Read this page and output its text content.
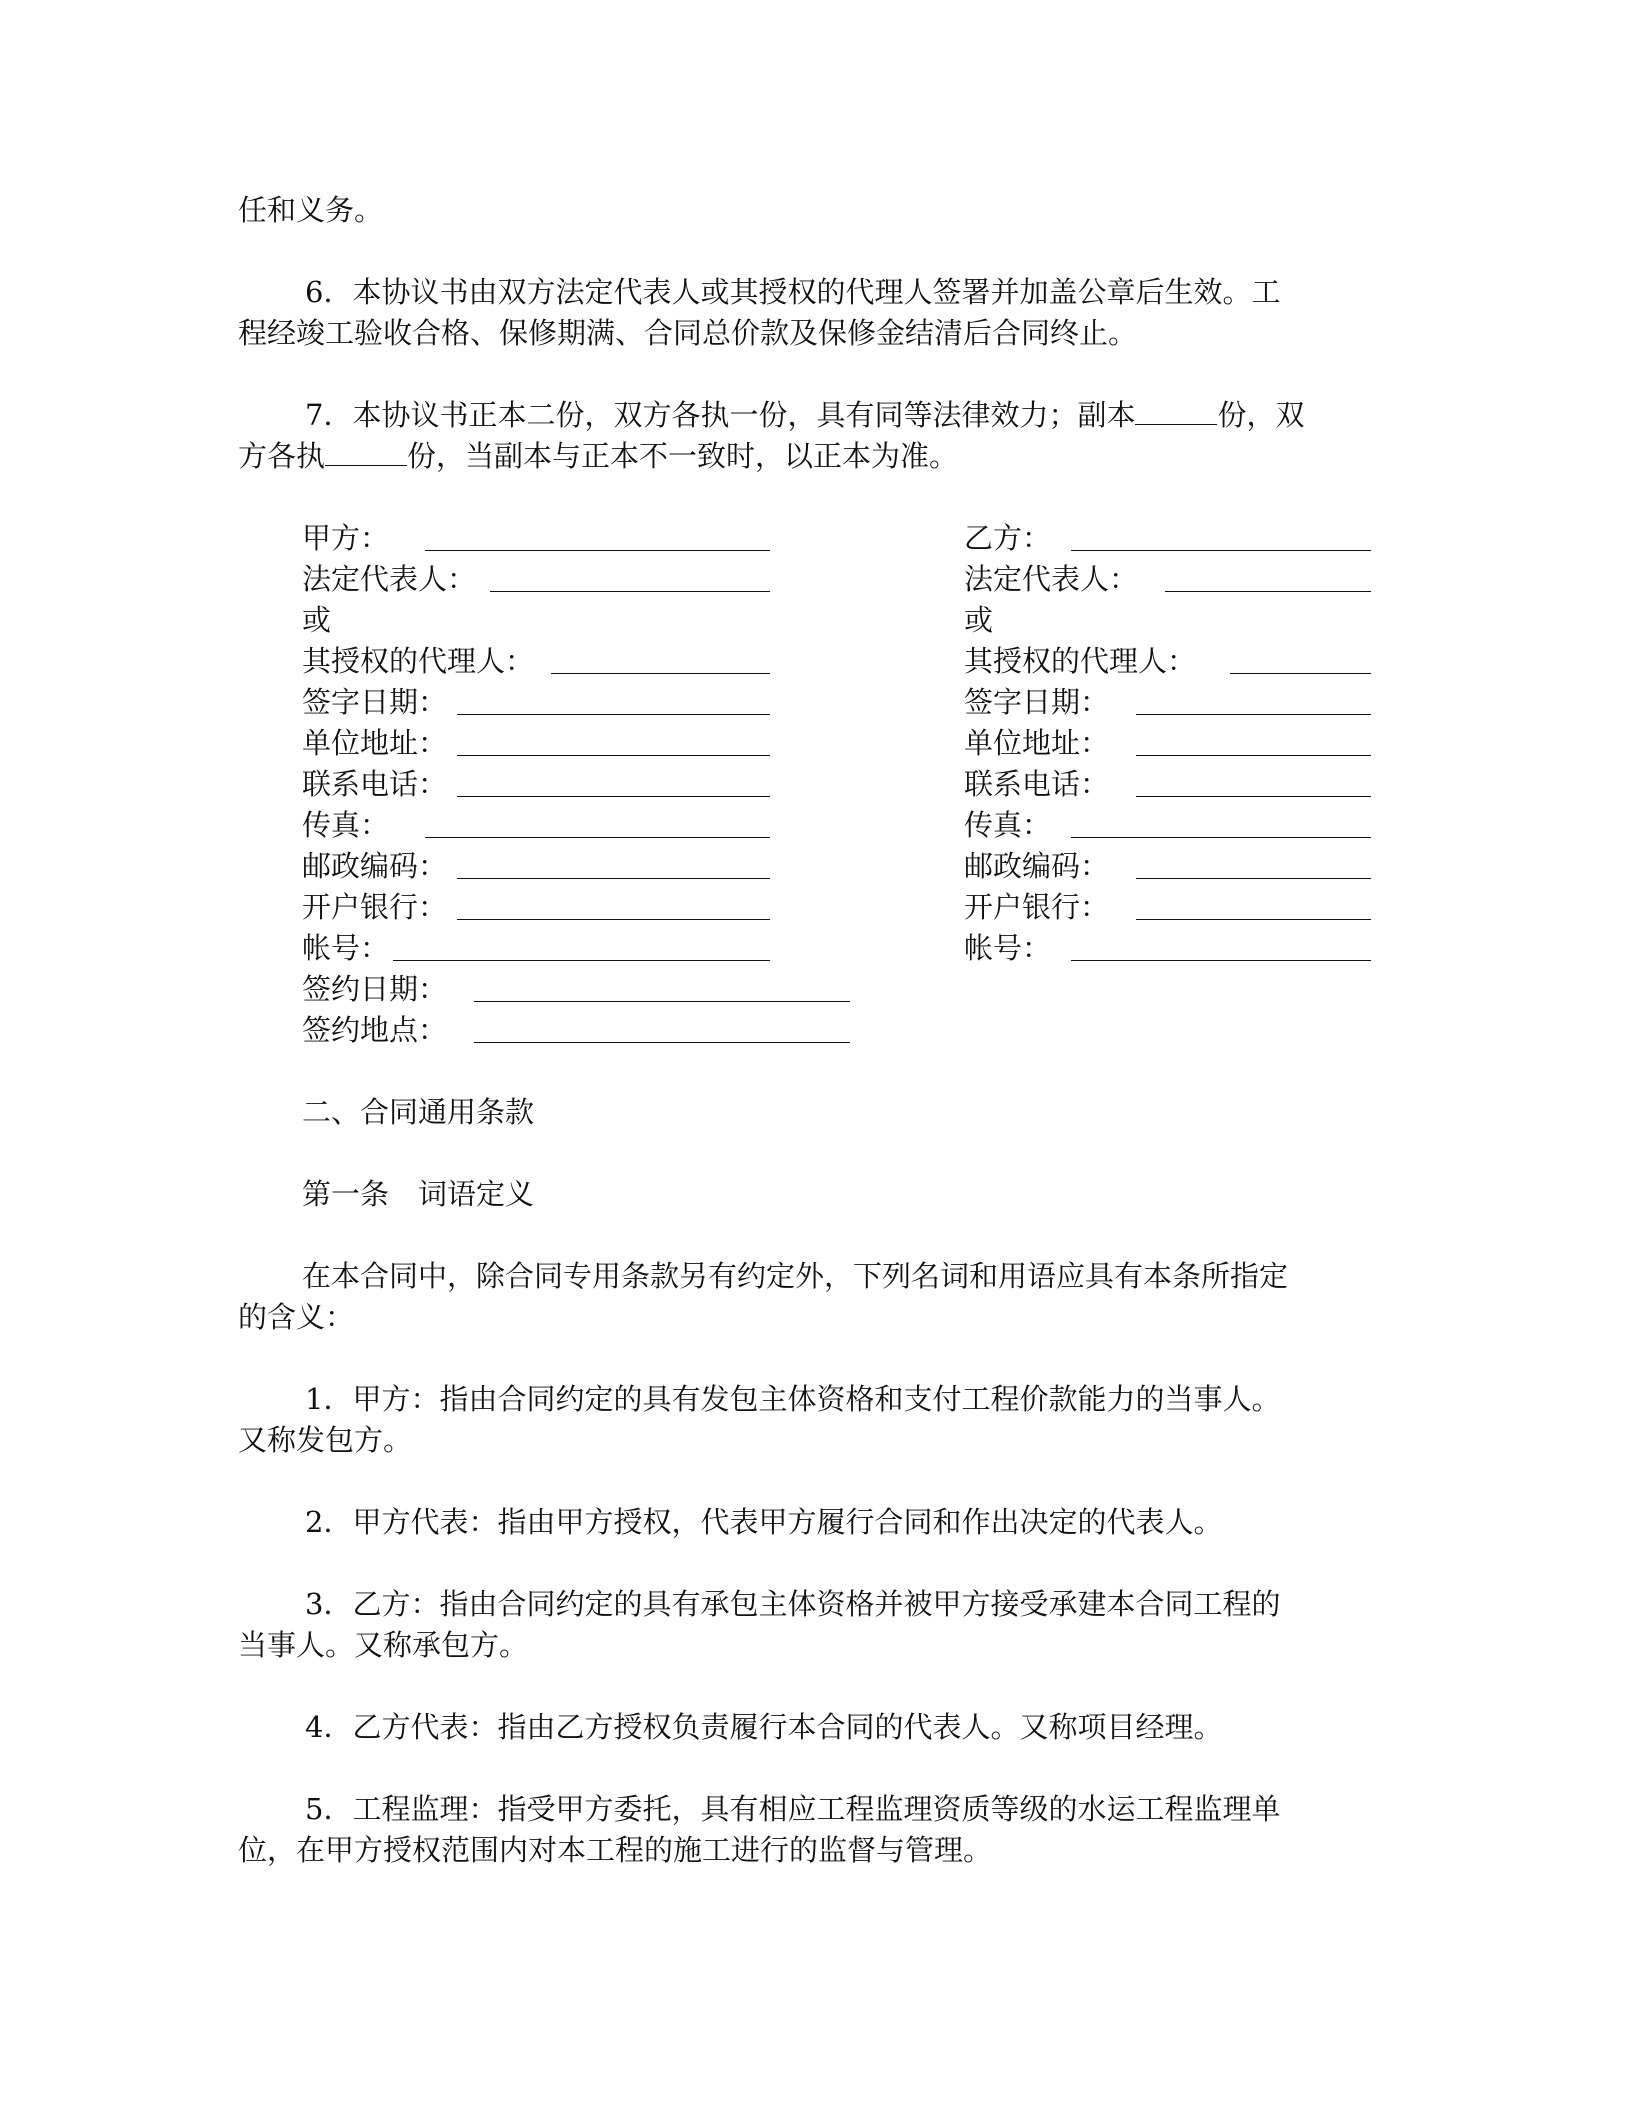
任和义务。
6．本协议书由双方法定代表人或其授权的代理人签署并加盖公章后生效。工
程经竣工验收合格、保修期满、合同总价款及保修金结清后合同终止。
7．本协议书正本二份，双方各执一份，具有同等法律效力；副本	份，双
方各执	份，当副本与正本不一致时，以正本为准。
甲方：
法定代表人：
或
其授权的代理人：
签字日期：
单位地址：
联系电话：
传真：
邮政编码：
开户银行：
帐号：
签约日期：
签约地点：
乙方：
法定代表人：
或
其授权的代理人：
签字日期：
单位地址：
联系电话：
传真：
邮政编码：
开户银行：
帐号：
二、合同通用条款
第一条　词语定义
在本合同中，除合同专用条款另有约定外，下列名词和用语应具有本条所指定
的含义：
1．甲方：指由合同约定的具有发包主体资格和支付工程价款能力的当事人。
又称发包方。
2．甲方代表：指由甲方授权，代表甲方履行合同和作出决定的代表人。
3．乙方：指由合同约定的具有承包主体资格并被甲方接受承建本合同工程的
当事人。又称承包方。
4．乙方代表：指由乙方授权负责履行本合同的代表人。又称项目经理。
5．工程监理：指受甲方委托，具有相应工程监理资质等级的水运工程监理单
位，在甲方授权范围内对本工程的施工进行的监督与管理。
